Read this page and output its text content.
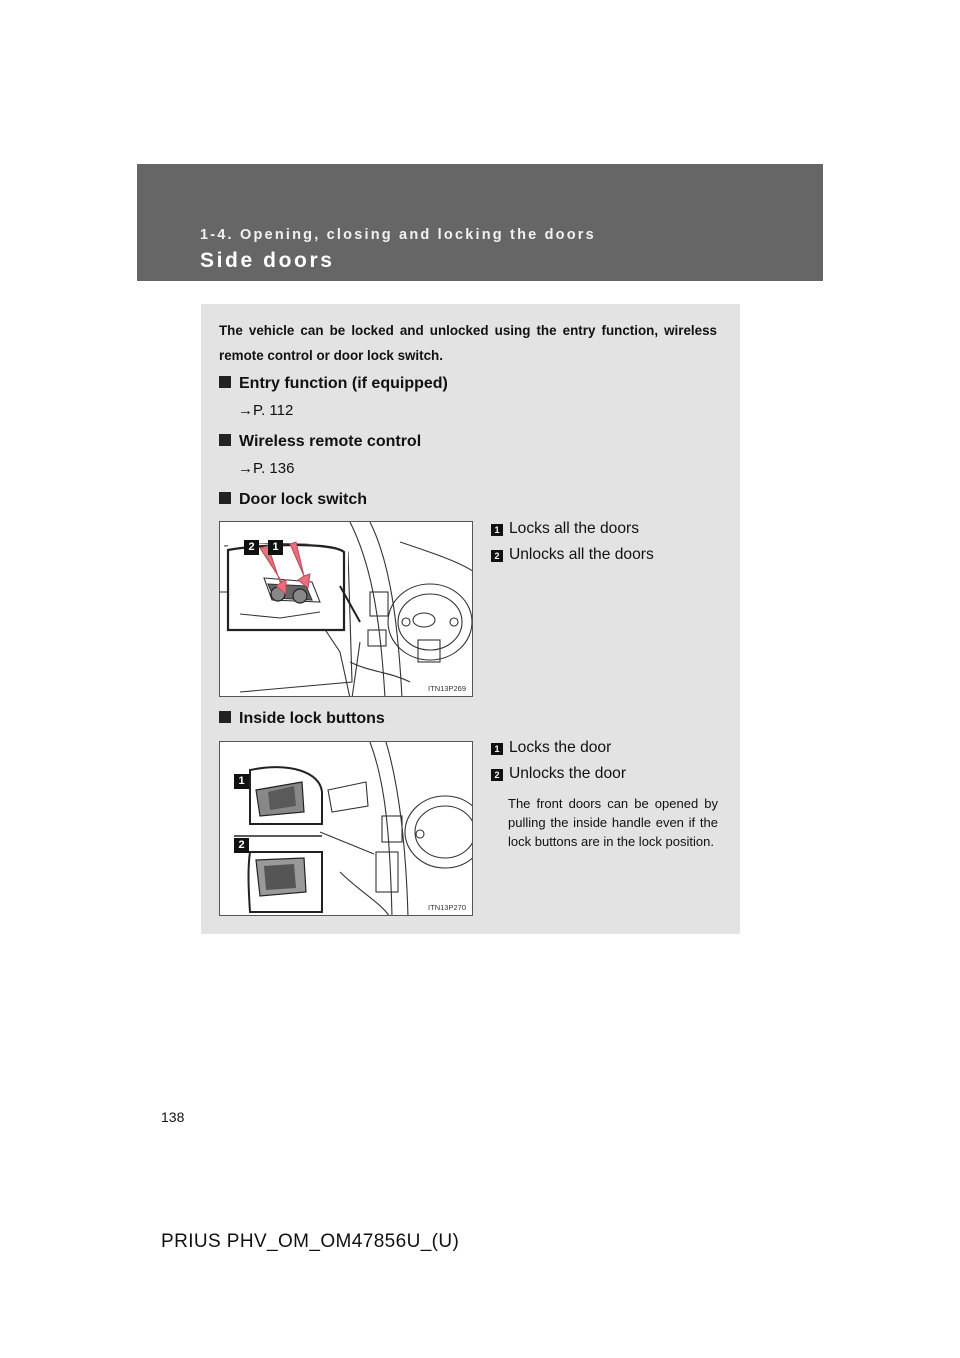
1-4. Opening, closing and locking the doors
Side doors
The vehicle can be locked and unlocked using the entry function, wireless remote control or door lock switch.
Entry function (if equipped)
→P. 112
Wireless remote control
→P. 136
Door lock switch
2	1
ITN13P269
1 Locks all the doors
2 Unlocks all the doors
Inside lock buttons
1
2
ITN13P270
1 Locks the door
2 Unlocks the door
The front doors can be opened by pulling the inside handle even if the lock buttons are in the lock position.
138
PRIUS PHV_OM_OM47856U_(U)
